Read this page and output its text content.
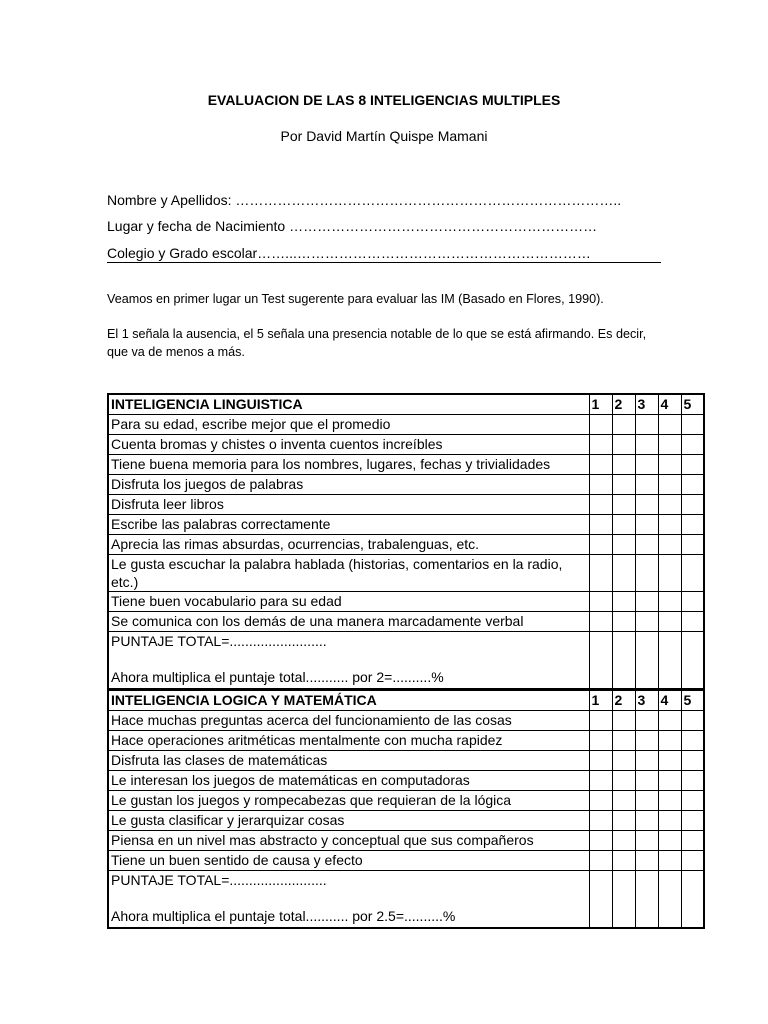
EVALUACION DE LAS 8 INTELIGENCIAS MULTIPLES
Por David Martín Quispe Mamani
Nombre y Apellidos: ………………………………………………………………………..
Lugar y fecha de Nacimiento …………………………………………………………
Colegio y Grado escolar……...………………………………………………………
Veamos en primer lugar un Test sugerente para evaluar las IM (Basado en Flores, 1990).
El 1 señala la ausencia, el 5 señala una presencia notable de lo que se está afirmando. Es decir, que va de menos a más.
INTELIGENCIA LINGUISTICA	1	2	3	4	5
Para su edad, escribe mejor que el promedio					
Cuenta bromas y chistes o inventa cuentos increíbles					
Tiene buena memoria para los nombres, lugares, fechas y trivialidades					
Disfruta los juegos de palabras					
Disfruta leer libros					
Escribe las palabras correctamente					
Aprecia las rimas absurdas, ocurrencias, trabalenguas, etc.					
Le gusta escuchar la palabra hablada (historias, comentarios en la radio, etc.)					
Tiene buen vocabulario para su edad					
Se comunica con los demás de una manera marcadamente verbal					

PUNTAJE TOTAL=.........................
Ahora multiplica el puntaje total........... por 2=..........%					

INTELIGENCIA LOGICA Y MATEMÁTICA	1	2	3	4	5
Hace muchas preguntas acerca del funcionamiento de las cosas					
Hace operaciones aritméticas mentalmente con mucha rapidez					
Disfruta las clases de matemáticas					
Le interesan los juegos de matemáticas en computadoras					
Le gustan los juegos y rompecabezas que requieran de la lógica					
Le gusta clasificar y jerarquizar cosas					
Piensa en un nivel mas abstracto y conceptual que sus compañeros					
Tiene un buen sentido de causa y efecto					

PUNTAJE TOTAL=.........................
Ahora multiplica el puntaje total........... por 2.5=..........%					
